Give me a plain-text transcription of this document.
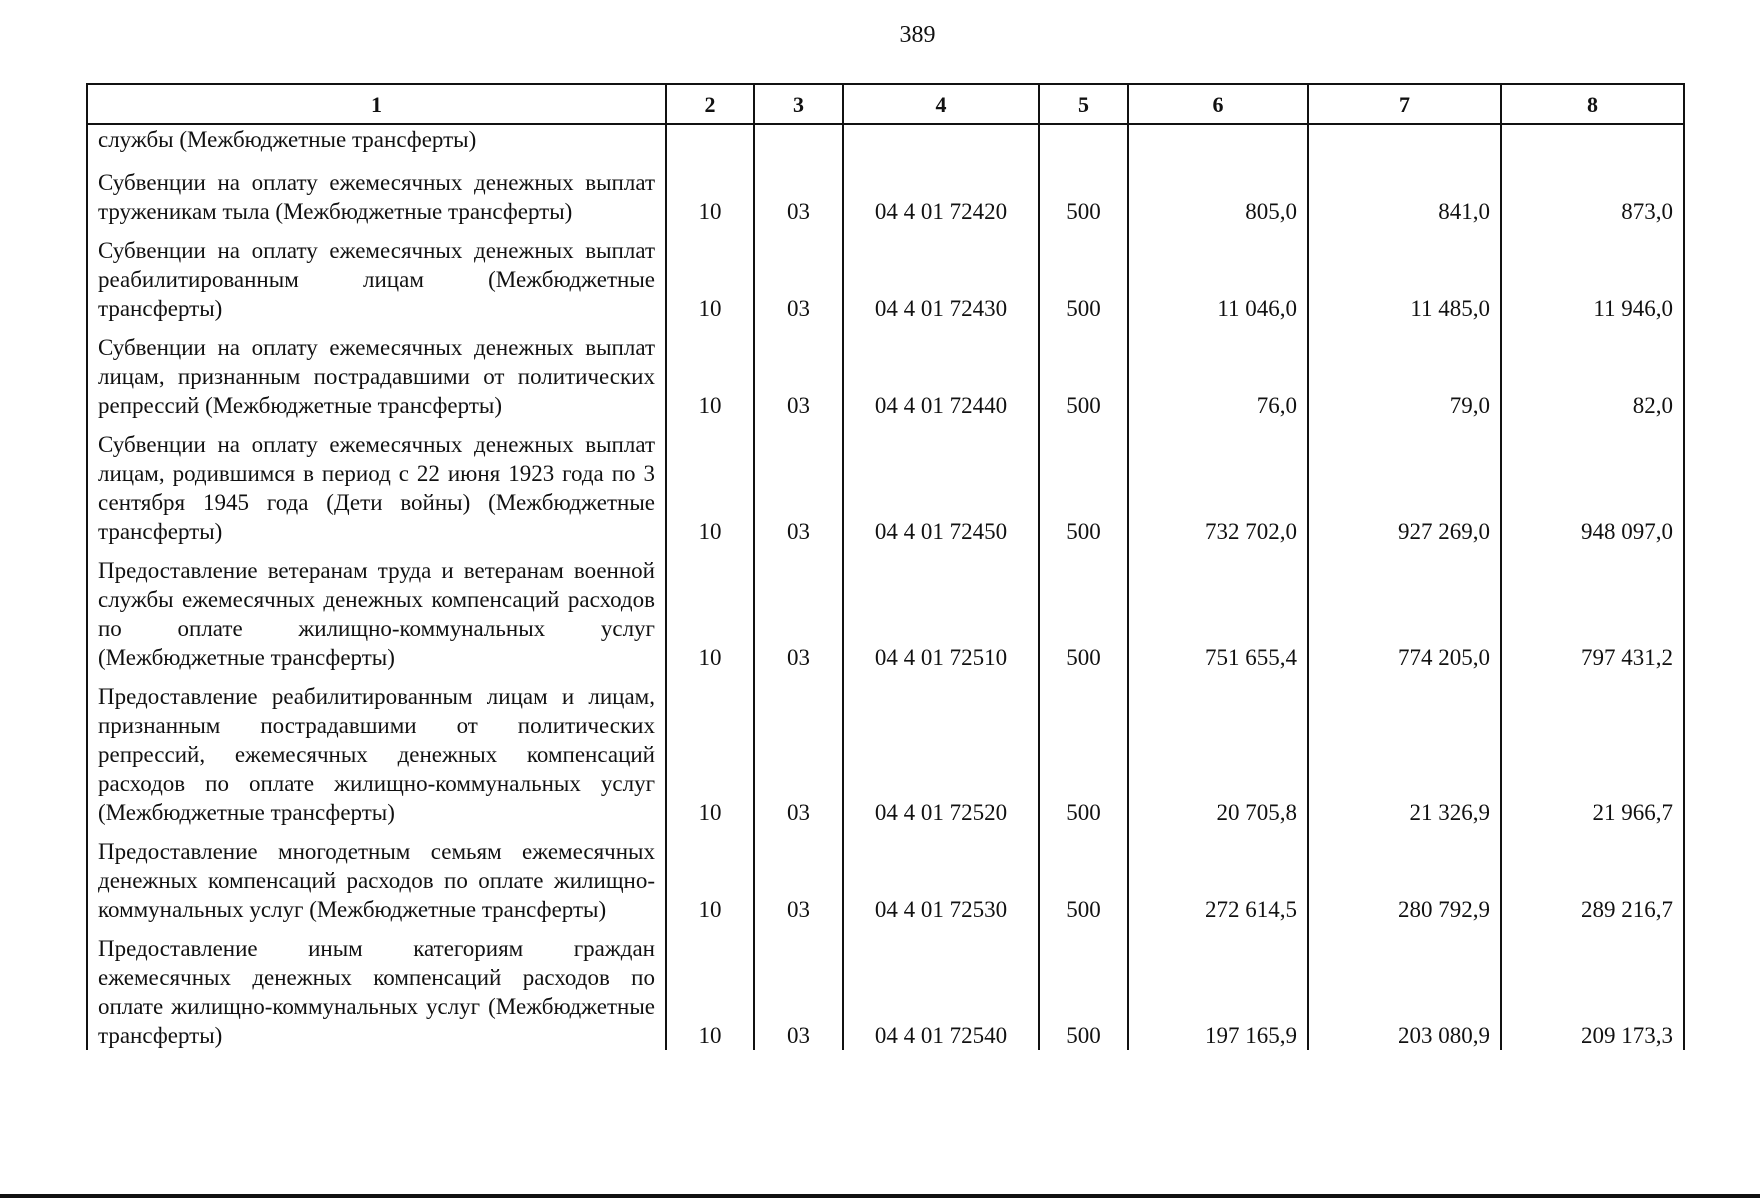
389
1	2	3	4	5	6	7	8
службы (Межбюджетные трансферты)							
Субвенции на оплату ежемесячных денежных выплат труженикам тыла (Межбюджетные трансферты)	10	03	04 4 01 72420	500	805,0	841,0	873,0
Субвенции на оплату ежемесячных денежных выплат реабилитированным лицам (Межбюджетные трансферты)	10	03	04 4 01 72430	500	11 046,0	11 485,0	11 946,0
Субвенции на оплату ежемесячных денежных выплат лицам, признанным пострадавшими от политических репрессий (Межбюджетные трансферты)	10	03	04 4 01 72440	500	76,0	79,0	82,0
Субвенции на оплату ежемесячных денежных выплат лицам, родившимся в период с 22 июня 1923 года по 3 сентября 1945 года (Дети войны) (Межбюджетные трансферты)	10	03	04 4 01 72450	500	732 702,0	927 269,0	948 097,0
Предоставление ветеранам труда и ветеранам военной службы ежемесячных денежных компенсаций расходов по оплате жилищно-коммунальных услуг (Межбюджетные трансферты)	10	03	04 4 01 72510	500	751 655,4	774 205,0	797 431,2
Предоставление реабилитированным лицам и лицам, признанным пострадавшими от политических репрессий, ежемесячных денежных компенсаций расходов по оплате жилищно-коммунальных услуг (Межбюджетные трансферты)	10	03	04 4 01 72520	500	20 705,8	21 326,9	21 966,7
Предоставление многодетным семьям ежемесячных денежных компенсаций расходов по оплате жилищно-коммунальных услуг (Межбюджетные трансферты)	10	03	04 4 01 72530	500	272 614,5	280 792,9	289 216,7
Предоставление иным категориям граждан ежемесячных денежных компенсаций расходов по оплате жилищно-коммунальных услуг (Межбюджетные трансферты)	10	03	04 4 01 72540	500	197 165,9	203 080,9	209 173,3
